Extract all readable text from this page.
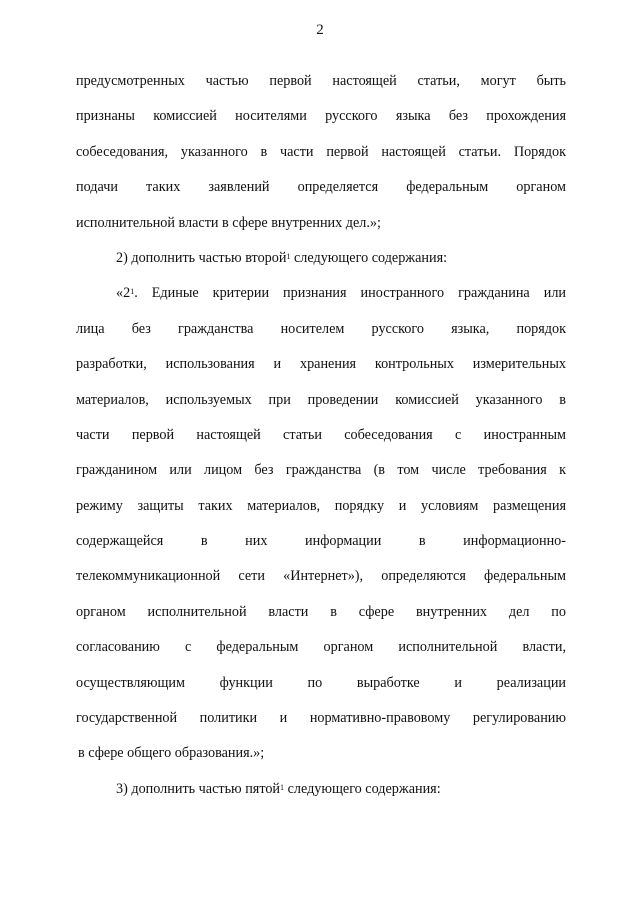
2
предусмотренных частью первой настоящей статьи, могут быть
признаны комиссией носителями русского языка без прохождения
собеседования, указанного в части первой настоящей статьи. Порядок
подачи таких заявлений определяется федеральным органом
исполнительной власти в сфере внутренних дел.»;
2) дополнить частью второй$^1$ следующего содержания:
«$2^1$. Единые критерии признания иностранного гражданина или
лица без гражданства носителем русского языка, порядок
разработки, использования и хранения контрольных измерительных
материалов, используемых при проведении комиссией указанного в
части первой настоящей статьи собеседования с иностранным
гражданином или лицом без гражданства (в том числе требования к
режиму защиты таких материалов, порядку и условиям размещения
содержащейся в них информации в информационно-
телекоммуникационной сети «Интернет»), определяются федеральным
органом исполнительной власти в сфере внутренних дел по
согласованию с федеральным органом исполнительной власти,
осуществляющим функции по выработке и реализации
государственной политики и нормативно-правовому регулированию
в сфере общего образования.»;
3) дополнить частью пятой$^1$ следующего содержания:
